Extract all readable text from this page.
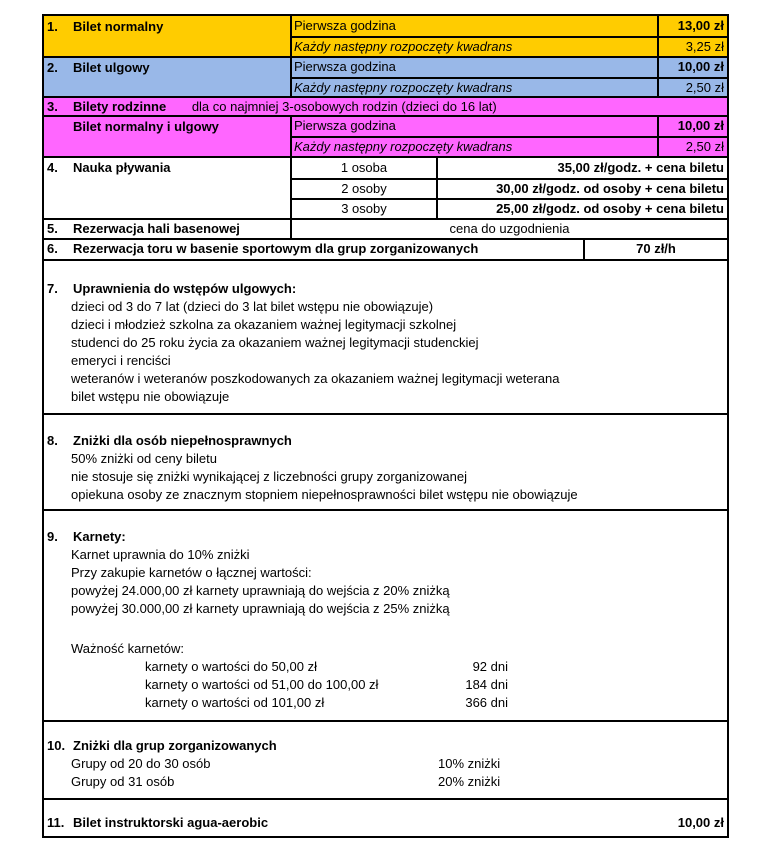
1. Bilet normalny	Pierwsza godzina	13,00 zł
Każdy następny rozpoczęty kwadrans	3,25 zł
2. Bilet ulgowy	Pierwsza godzina	10,00 zł
Każdy następny rozpoczęty kwadrans	2,50 zł
3. Bilety rodzinne dla co najmniej 3-osobowych rodzin (dzieci do 16 lat)
Bilet normalny i ulgowy	Pierwsza godzina	10,00 zł
Każdy następny rozpoczęty kwadrans	2,50 zł
4. Nauka pływania	1 osoba	35,00 zł/godz. + cena biletu
2 osoby	30,00 zł/godz. od osoby + cena biletu
3 osoby	25,00 zł/godz. od osoby + cena biletu
5. Rezerwacja hali basenowej	cena do uzgodnienia
6. Rezerwacja toru w basenie sportowym dla grup zorganizowanych	70 zł/h
7. Uprawnienia do wstępów ulgowych:
dzieci od 3 do 7 lat (dzieci do 3 lat bilet wstępu nie obowiązuje)
dzieci i młodzież szkolna za okazaniem ważnej legitymacji szkolnej
studenci do 25 roku życia za okazaniem ważnej legitymacji studenckiej
emeryci i renciści
weteranów i weteranów poszkodowanych za okazaniem ważnej legitymacji weterana
bilet wstępu nie obowiązuje
8. Zniżki dla osób niepełnosprawnych
50% zniżki od ceny biletu
nie stosuje się zniżki wynikającej z liczebności grupy zorganizowanej
opiekuna osoby ze znacznym stopniem niepełnosprawności bilet wstępu nie obowiązuje
9. Karnety:
Karnet uprawnia do 10% zniżki
Przy zakupie karnetów o łącznej wartości:
powyżej 24.000,00 zł karnety uprawniają do wejścia z 20% zniżką
powyżej 30.000,00 zł karnety uprawniają do wejścia z 25% zniżką
Ważność karnetów:
karnety o wartości do 50,00 zł	92 dni
karnety o wartości od 51,00 do 100,00 zł	184 dni
karnety o wartości od 101,00 zł	366 dni
10. Zniżki dla grup zorganizowanych
Grupy od 20 do 30 osób	10% zniżki
Grupy od 31 osób	20% zniżki
11. Bilet instruktorski agua-aerobic	10,00 zł
